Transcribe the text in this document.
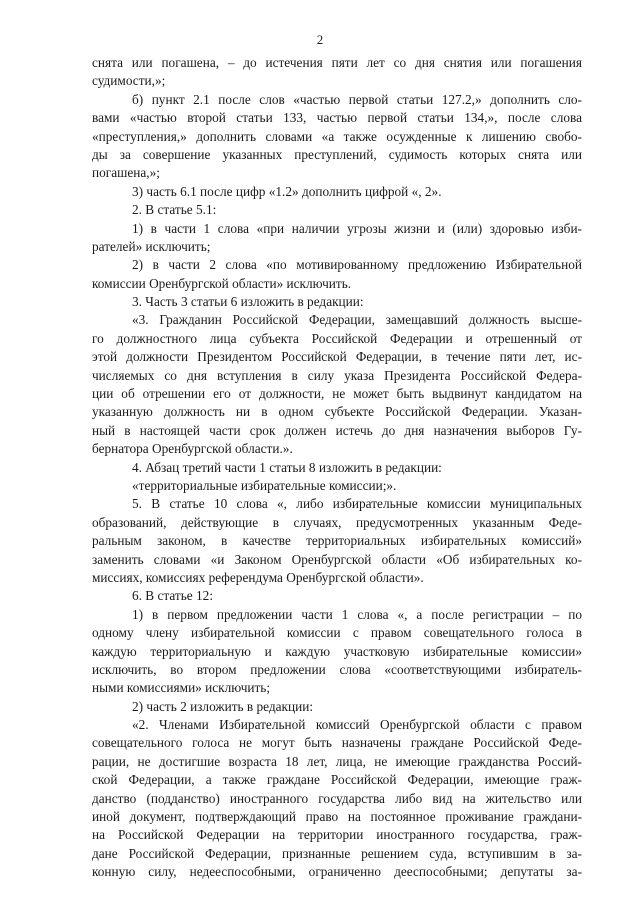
2
снята или погашена, – до истечения пяти лет со дня снятия или погашения
судимости,»;
б) пункт 2.1 после слов «частью первой статьи 127.2,» дополнить сло-
вами «частью второй статьи 133, частью первой статьи 134,», после слова
«преступления,» дополнить словами «а также осужденные к лишению свобо-
ды за совершение указанных преступлений, судимость которых снята или
погашена,»;
3) часть 6.1 после цифр «1.2» дополнить цифрой «, 2».
2. В статье 5.1:
1) в части 1 слова «при наличии угрозы жизни и (или) здоровью изби-
рателей» исключить;
2) в части 2 слова «по мотивированному предложению Избирательной
комиссии Оренбургской области» исключить.
3. Часть 3 статьи 6 изложить в редакции:
«3. Гражданин Российской Федерации, замещавший должность высше-
го должностного лица субъекта Российской Федерации и отрешенный от
этой должности Президентом Российской Федерации, в течение пяти лет, ис-
числяемых со дня вступления в силу указа Президента Российской Федера-
ции об отрешении его от должности, не может быть выдвинут кандидатом на
указанную должность ни в одном субъекте Российской Федерации. Указан-
ный в настоящей части срок должен истечь до дня назначения выборов Гу-
бернатора Оренбургской области.».
4. Абзац третий части 1 статьи 8 изложить в редакции:
«территориальные избирательные комиссии;».
5. В статье 10 слова «, либо избирательные комиссии муниципальных
образований, действующие в случаях, предусмотренных указанным Феде-
ральным законом, в качестве территориальных избирательных комиссий»
заменить словами «и Законом Оренбургской области «Об избирательных ко-
миссиях, комиссиях референдума Оренбургской области».
6. В статье 12:
1) в первом предложении части 1 слова «, а после регистрации – по
одному члену избирательной комиссии с правом совещательного голоса в
каждую территориальную и каждую участковую избирательные комиссии»
исключить, во втором предложении слова «соответствующими избиратель-
ными комиссиями» исключить;
2) часть 2 изложить в редакции:
«2. Членами Избирательной комиссий Оренбургской области с правом
совещательного голоса не могут быть назначены граждане Российской Феде-
рации, не достигшие возраста 18 лет, лица, не имеющие гражданства Россий-
ской Федерации, а также граждане Российской Федерации, имеющие граж-
данство (подданство) иностранного государства либо вид на жительство или
иной документ, подтверждающий право на постоянное проживание граждани-
на Российской Федерации на территории иностранного государства, граж-
дане Российской Федерации, признанные решением суда, вступившим в за-
конную силу, недееспособными, ограниченно дееспособными; депутаты за-
